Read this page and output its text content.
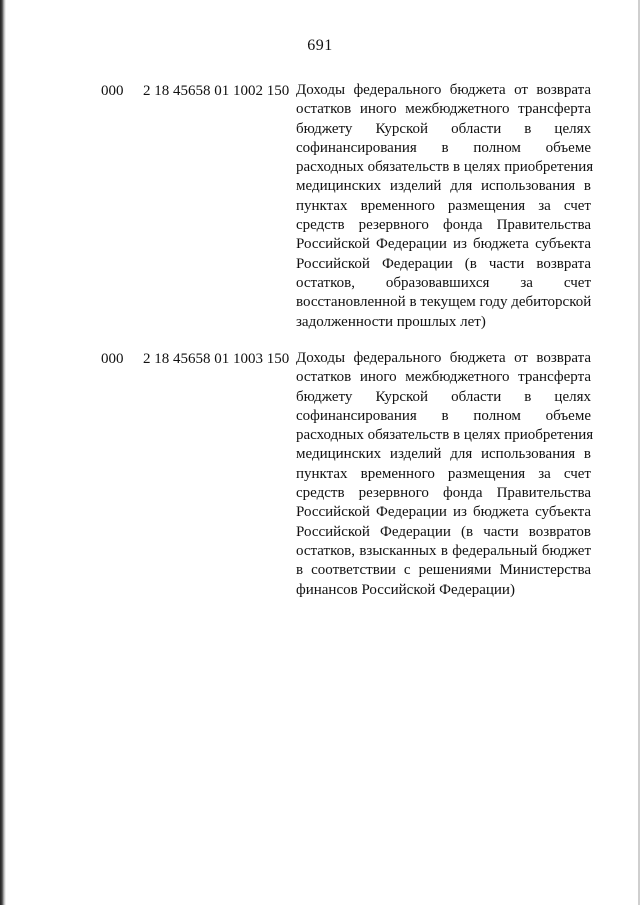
691
000 2 18 45658 01 1002 150 Доходы федерального бюджета от возврата
остатков иного межбюджетного трансферта
бюджету Курской области в целях
софинансирования в полном объеме
расходных обязательств в целях приобретения
медицинских изделий для использования в
пунктах временного размещения за счет
средств резервного фонда Правительства
Российской Федерации из бюджета субъекта
Российской Федерации (в части возврата
остатков, образовавшихся за счет
восстановленной в текущем году дебиторской
задолженности прошлых лет)
000 2 18 45658 01 1003 150 Доходы федерального бюджета от возврата
остатков иного межбюджетного трансферта
бюджету Курской области в целях
софинансирования в полном объеме
расходных обязательств в целях приобретения
медицинских изделий для использования в
пунктах временного размещения за счет
средств резервного фонда Правительства
Российской Федерации из бюджета субъекта
Российской Федерации (в части возвратов
остатков, взысканных в федеральный бюджет
в соответствии с решениями Министерства
финансов Российской Федерации)
